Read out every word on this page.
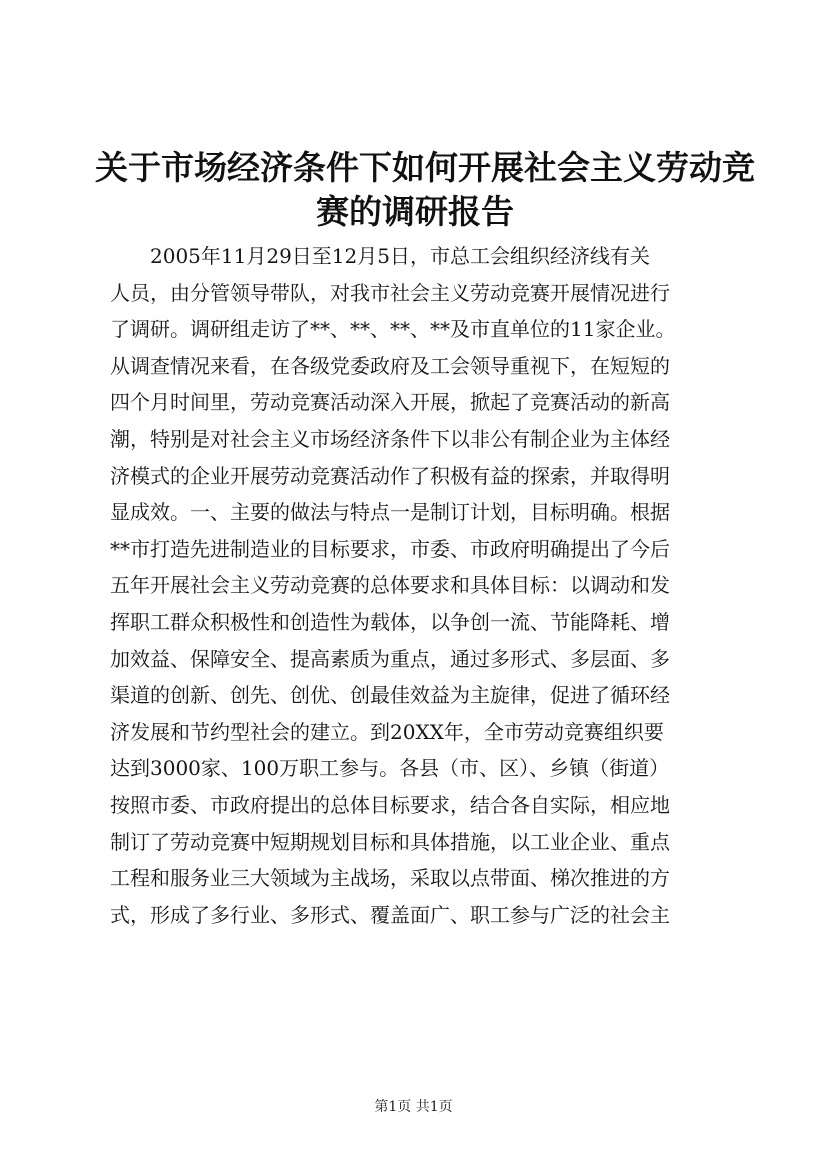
关于市场经济条件下如何开展社会主义劳动竞
赛的调研报告
2005年11月29日至12月5日，市总工会组织经济线有关
人员，由分管领导带队，对我市社会主义劳动竞赛开展情况进行
了调研。调研组走访了**、**、**、**及市直单位的11家企业。
从调查情况来看，在各级党委政府及工会领导重视下，在短短的
四个月时间里，劳动竞赛活动深入开展，掀起了竞赛活动的新高
潮，特别是对社会主义市场经济条件下以非公有制企业为主体经
济模式的企业开展劳动竞赛活动作了积极有益的探索，并取得明
显成效。一、主要的做法与特点一是制订计划，目标明确。根据
**市打造先进制造业的目标要求，市委、市政府明确提出了今后
五年开展社会主义劳动竞赛的总体要求和具体目标：以调动和发
挥职工群众积极性和创造性为载体，以争创一流、节能降耗、增
加效益、保障安全、提高素质为重点，通过多形式、多层面、多
渠道的创新、创先、创优、创最佳效益为主旋律，促进了循环经
济发展和节约型社会的建立。到20XX年，全市劳动竞赛组织要
达到3000家、100万职工参与。各县（市、区）、乡镇（街道）
按照市委、市政府提出的总体目标要求，结合各自实际，相应地
制订了劳动竞赛中短期规划目标和具体措施，以工业企业、重点
工程和服务业三大领域为主战场，采取以点带面、梯次推进的方
式，形成了多行业、多形式、覆盖面广、职工参与广泛的社会主
第1页 共1页
